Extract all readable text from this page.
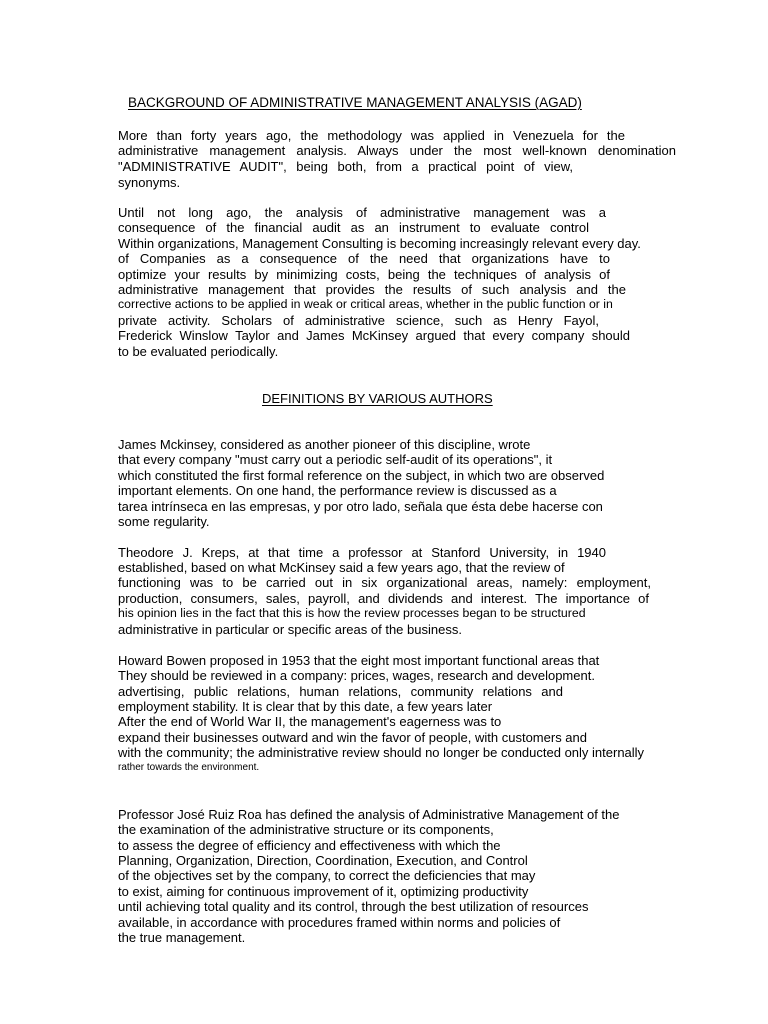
BACKGROUND OF ADMINISTRATIVE MANAGEMENT ANALYSIS (AGAD)
More than forty years ago, the methodology was applied in Venezuela for the
administrative management analysis. Always under the most well-known denomination
"ADMINISTRATIVE AUDIT", being both, from a practical point of view,
synonyms.
Until not long ago, the analysis of administrative management was a
consequence of the financial audit as an instrument to evaluate control
Within organizations, Management Consulting is becoming increasingly relevant every day.
of Companies as a consequence of the need that organizations have to
optimize your results by minimizing costs, being the techniques of analysis of
administrative management that provides the results of such analysis and the
corrective actions to be applied in weak or critical areas, whether in the public function or in
private activity. Scholars of administrative science, such as Henry Fayol,
Frederick Winslow Taylor and James McKinsey argued that every company should
to be evaluated periodically.
DEFINITIONS BY VARIOUS AUTHORS
James Mckinsey, considered as another pioneer of this discipline, wrote
that every company "must carry out a periodic self-audit of its operations", it
which constituted the first formal reference on the subject, in which two are observed
important elements. On one hand, the performance review is discussed as a
tarea intrínseca en las empresas, y por otro lado, señala que ésta debe hacerse con
some regularity.
Theodore J. Kreps, at that time a professor at Stanford University, in 1940
established, based on what McKinsey said a few years ago, that the review of
functioning was to be carried out in six organizational areas, namely: employment,
production, consumers, sales, payroll, and dividends and interest. The importance of
his opinion lies in the fact that this is how the review processes began to be structured
administrative in particular or specific areas of the business.
Howard Bowen proposed in 1953 that the eight most important functional areas that
They should be reviewed in a company: prices, wages, research and development.
advertising, public relations, human relations, community relations and
employment stability. It is clear that by this date, a few years later
After the end of World War II, the management's eagerness was to
expand their businesses outward and win the favor of people, with customers and
with the community; the administrative review should no longer be conducted only internally
rather towards the environment.
Professor José Ruiz Roa has defined the analysis of Administrative Management of the
the examination of the administrative structure or its components,
to assess the degree of efficiency and effectiveness with which the
Planning, Organization, Direction, Coordination, Execution, and Control
of the objectives set by the company, to correct the deficiencies that may
to exist, aiming for continuous improvement of it, optimizing productivity
until achieving total quality and its control, through the best utilization of resources
available, in accordance with procedures framed within norms and policies of
the true management.
